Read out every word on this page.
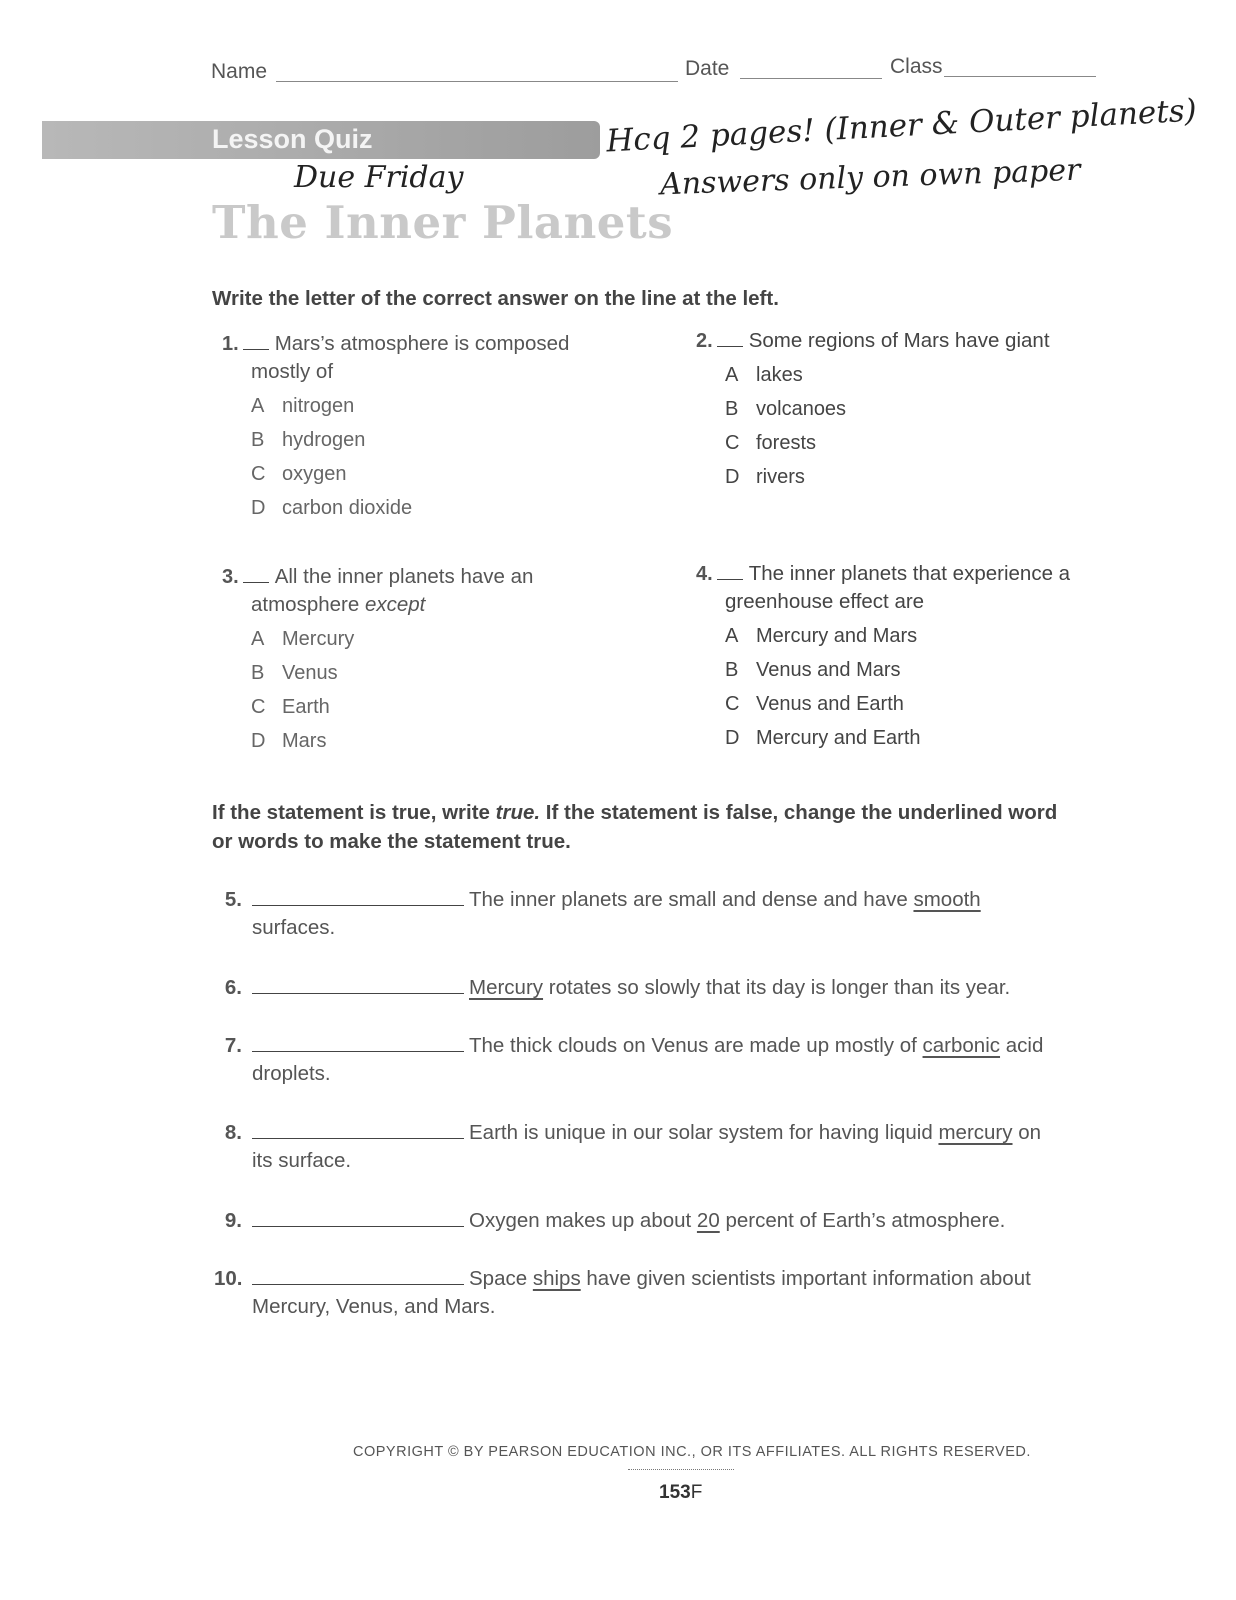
Name	Date	Class
Lesson Quiz	Hcq 2 pages! (Inner & Outer planets)
Answers only on own paper
Due Friday
The Inner Planets
Write the letter of the correct answer on the line at the left.
1. Mars’s atmosphere is composed
mostly of
A nitrogen
B hydrogen
C oxygen
D carbon dioxide
2. Some regions of Mars have giant
A lakes
B volcanoes
C forests
D rivers
3. All the inner planets have an
atmosphere except
A Mercury
B Venus
C Earth
D Mars
4. The inner planets that experience a
greenhouse effect are
A Mercury and Mars
B Venus and Mars
C Venus and Earth
D Mercury and Earth
If the statement is true, write true. If the statement is false, change the underlined word
or words to make the statement true.
5.	The inner planets are small and dense and have smooth
surfaces.
6.	Mercury rotates so slowly that its day is longer than its year.
7.	The thick clouds on Venus are made up mostly of carbonic acid
droplets.
8.	Earth is unique in our solar system for having liquid mercury on
its surface.
9.	Oxygen makes up about 20 percent of Earth’s atmosphere.
10.	Space ships have given scientists important information about
Mercury, Venus, and Mars.
COPYRIGHT © BY PEARSON EDUCATION INC., OR ITS AFFILIATES. ALL RIGHTS RESERVED.
153F
